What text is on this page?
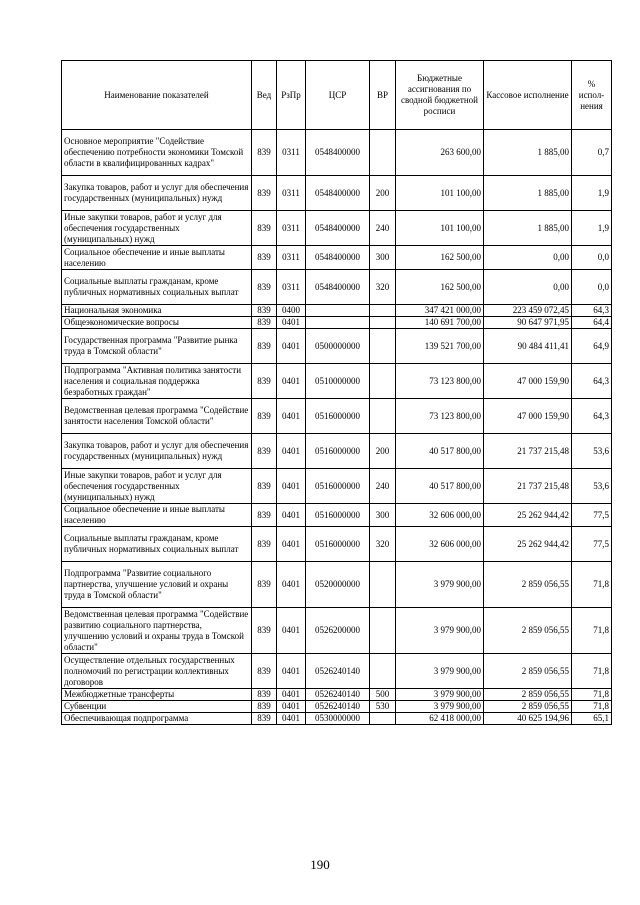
Наименование показателей	Вед	РзПр	ЦСР	ВР	Бюджетные ассигнования по сводной бюджетной росписи	Кассовое исполнение	% испол-нения
Основное мероприятие "Содействие обеспечению потребности экономики Томской области в квалифицированных кадрах"	839	0311	0548400000		263 600,00	1 885,00	0,7
Закупка товаров, работ и услуг для обеспечения государственных (муниципальных) нужд	839	0311	0548400000	200	101 100,00	1 885,00	1,9
Иные закупки товаров, работ и услуг для обеспечения государственных (муниципальных) нужд	839	0311	0548400000	240	101 100,00	1 885,00	1,9
Социальное обеспечение и иные выплаты населению	839	0311	0548400000	300	162 500,00	0,00	0,0
Социальные выплаты гражданам, кроме публичных нормативных социальных выплат	839	0311	0548400000	320	162 500,00	0,00	0,0
Национальная экономика	839	0400			347 421 000,00	223 459 072,45	64,3
Общеэкономические вопросы	839	0401			140 691 700,00	90 647 971,95	64,4
Государственная программа "Развитие рынка труда в Томской области"	839	0401	0500000000		139 521 700,00	90 484 411,41	64,9
Подпрограмма "Активная политика занятости населения и социальная поддержка безработных граждан"	839	0401	0510000000		73 123 800,00	47 000 159,90	64,3
Ведомственная целевая программа "Содействие занятости населения Томской области"	839	0401	0516000000		73 123 800,00	47 000 159,90	64,3
Закупка товаров, работ и услуг для обеспечения государственных (муниципальных) нужд	839	0401	0516000000	200	40 517 800,00	21 737 215,48	53,6
Иные закупки товаров, работ и услуг для обеспечения государственных (муниципальных) нужд	839	0401	0516000000	240	40 517 800,00	21 737 215,48	53,6
Социальное обеспечение и иные выплаты населению	839	0401	0516000000	300	32 606 000,00	25 262 944,42	77,5
Социальные выплаты гражданам, кроме публичных нормативных социальных выплат	839	0401	0516000000	320	32 606 000,00	25 262 944,42	77,5
Подпрограмма "Развитие социального партнерства, улучшение условий и охраны труда в Томской области"	839	0401	0520000000		3 979 900,00	2 859 056,55	71,8
Ведомственная целевая программа "Содействие развитию социального партнерства, улучшению условий и охраны труда в Томской области"	839	0401	0526200000		3 979 900,00	2 859 056,55	71,8
Осуществление отдельных государственных полномочий по регистрации коллективных договоров	839	0401	0526240140		3 979 900,00	2 859 056,55	71,8
Межбюджетные трансферты	839	0401	0526240140	500	3 979 900,00	2 859 056,55	71,8
Субвенции	839	0401	0526240140	530	3 979 900,00	2 859 056,55	71,8
Обеспечивающая подпрограмма	839	0401	0530000000		62 418 000,00	40 625 194,96	65,1
190
